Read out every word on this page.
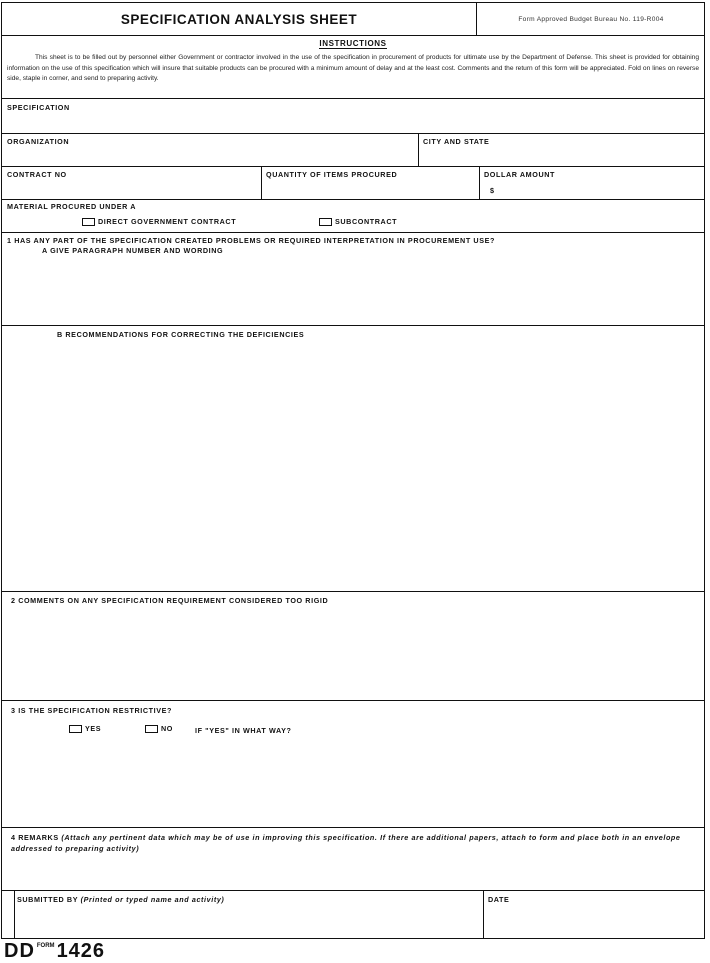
SPECIFICATION ANALYSIS SHEET	Form Approved Budget Bureau No. 119-R004
INSTRUCTIONS
This sheet is to be filled out by personnel either Government or contractor involved in the use of the specification in procurement of products for ultimate use by the Department of Defense. This sheet is provided for obtaining information on the use of this specification which will insure that suitable products can be procured with a minimum amount of delay and at the least cost. Comments and the return of this form will be appreciated. Fold on lines on reverse side, staple in corner, and send to preparing activity.
SPECIFICATION
ORGANIZATION	CITY AND STATE
CONTRACT NO	QUANTITY OF ITEMS PROCURED	DOLLAR AMOUNT
$
MATERIAL PROCURED UNDER A
DIRECT GOVERNMENT CONTRACT	SUBCONTRACT
1 HAS ANY PART OF THE SPECIFICATION CREATED PROBLEMS OR REQUIRED INTERPRETATION IN PROCUREMENT USE?
A GIVE PARAGRAPH NUMBER AND WORDING
B RECOMMENDATIONS FOR CORRECTING THE DEFICIENCIES
2 COMMENTS ON ANY SPECIFICATION REQUIREMENT CONSIDERED TOO RIGID
3 IS THE SPECIFICATION RESTRICTIVE?
YES	NO	IF "YES" IN WHAT WAY?
4 REMARKS (Attach any pertinent data which may be of use in improving this specification. If there are additional papers, attach to form and place both in an envelope addressed to preparing activity)
SUBMITTED BY (Printed or typed name and activity)	DATE
DD FORM 1426
